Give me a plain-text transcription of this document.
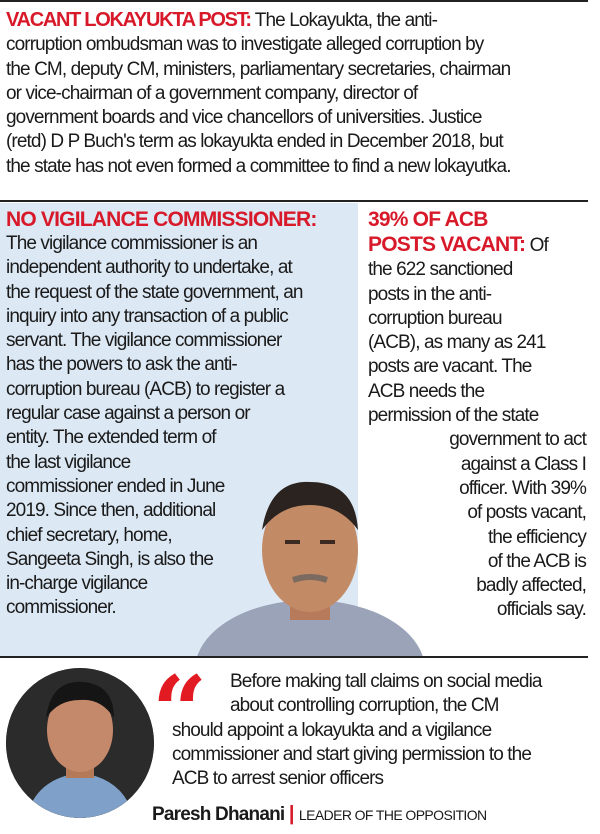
VACANT LOKAYUKTA POST: The Lokayukta, the anti-
corruption ombudsman was to investigate alleged corruption by
the CM, deputy CM, ministers, parliamentary secretaries, chairman
or vice-chairman of a government company, director of
government boards and vice chancellors of universities. Justice
(retd) D P Buch's term as lokayukta ended in December 2018, but
the state has not even formed a committee to find a new lokayutka.
NO VIGILANCE COMMISSIONER:
The vigilance commissioner is an
independent authority to undertake, at
the request of the state government, an
inquiry into any transaction of a public
servant. The vigilance commissioner
has the powers to ask the anti-
corruption bureau (ACB) to register a
regular case against a person or
entity. The extended term of
the last vigilance
commissioner ended in June
2019. Since then, additional
chief secretary, home,
Sangeeta Singh, is also the
in-charge vigilance
commissioner.
39% OF ACB
POSTS VACANT: Of
the 622 sanctioned
posts in the anti-
corruption bureau
(ACB), as many as 241
posts are vacant. The
ACB needs the
permission of the state
government to act
against a Class I
officer. With 39%
of posts vacant,
the efficiency
of the ACB is
badly affected,
officials say.
“	Before making tall claims on social media
about controlling corruption, the CM
should appoint a lokayukta and a vigilance
commissioner and start giving permission to the
ACB to arrest senior officers
Paresh Dhanani | LEADER OF THE OPPOSITION
